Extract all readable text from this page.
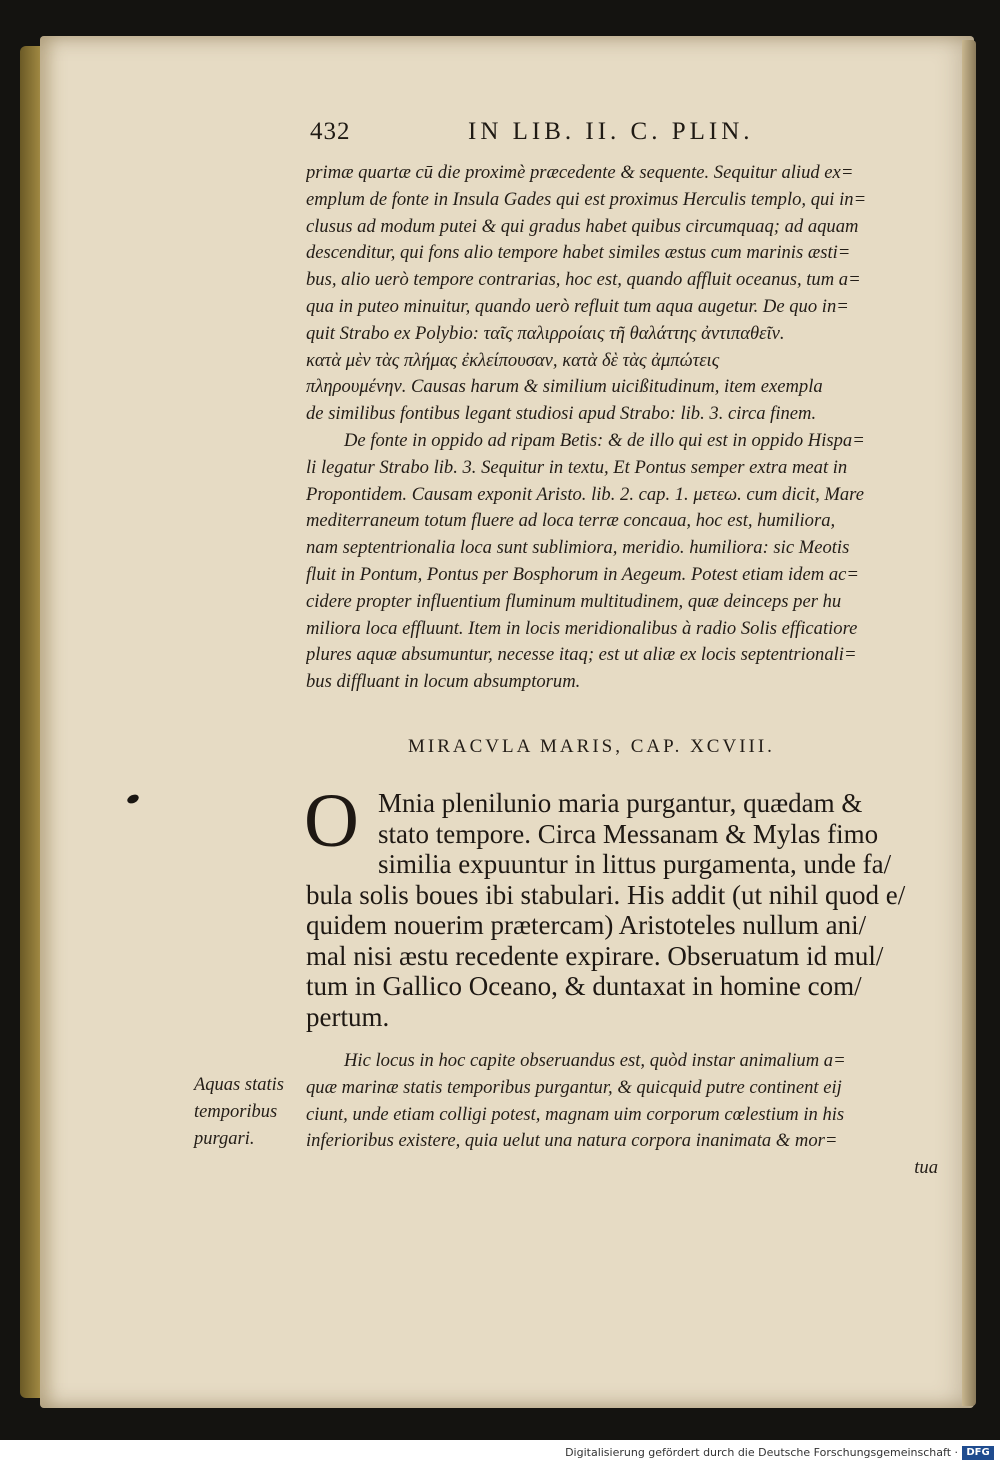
432	IN LIB. II. C. PLIN.
primæ quartæ cū die proximè præcedente & sequente. Sequitur aliud ex=
emplum de fonte in Insula Gades qui est proximus Herculis templo, qui in=
clusus ad modum putei & qui gradus habet quibus circumquaq; ad aquam
descenditur, qui fons alio tempore habet similes æstus cum marinis æsti=
bus, alio uerò tempore contrarias, hoc est, quando affluit oceanus, tum a=
qua in puteo minuitur, quando uerò refluit tum aqua augetur. De quo in=
quit Strabo ex Polybio: ταῖς παλιρροίαις τῆ θαλάττης ἀντιπαθεῖν.
κατὰ μὲν τὰς πλήμας ἐκλείπουσαν, κατὰ δὲ τὰς ἀμπώτεις
πληρουμένην. Causas harum & similium uicißitudinum, item exempla
de similibus fontibus legant studiosi apud Strabo: lib. 3. circa finem.
De fonte in oppido ad ripam Betis: & de illo qui est in oppido Hispa=
li legatur Strabo lib. 3. Sequitur in textu, Et Pontus semper extra meat in
Propontidem. Causam exponit Aristo. lib. 2. cap. 1. μετεω. cum dicit, Mare
mediterraneum totum fluere ad loca terræ concaua, hoc est, humiliora,
nam septentrionalia loca sunt sublimiora, meridio. humiliora: sic Meotis
fluit in Pontum, Pontus per Bosphorum in Aegeum. Potest etiam idem ac=
cidere propter influentium fluminum multitudinem, quæ deinceps per hu
miliora loca effluunt. Item in locis meridionalibus à radio Solis efficatiore
plures aquæ absumuntur, necesse itaq; est ut aliæ ex locis septentrionali=
bus diffluant in locum absumptorum.
MIRACVLA MARIS, CAP. XCVIII.
O Mnia plenilunio maria purgantur, quædam &
stato tempore. Circa Messanam & Mylas fimo
similia expuuntur in littus purgamenta, unde fa/
bula solis boues ibi stabulari. His addit (ut nihil quod e/
quidem nouerim prætercam) Aristoteles nullum ani/
mal nisi æstu recedente expirare. Obseruatum id mul/
tum in Gallico Oceano, & duntaxat in homine com/
pertum.
Aquas statis
temporibus
purgari.
Hic locus in hoc capite obseruandus est, quòd instar animalium a=
quæ marinæ statis temporibus purgantur, & quicquid putre continent eij
ciunt, unde etiam colligi potest, magnam uim corporum cœlestium in his
inferioribus existere, quia uelut una natura corpora inanimata & mor=
tua
Digitalisierung gefördert durch die Deutsche Forschungsgemeinschaft · DFG
